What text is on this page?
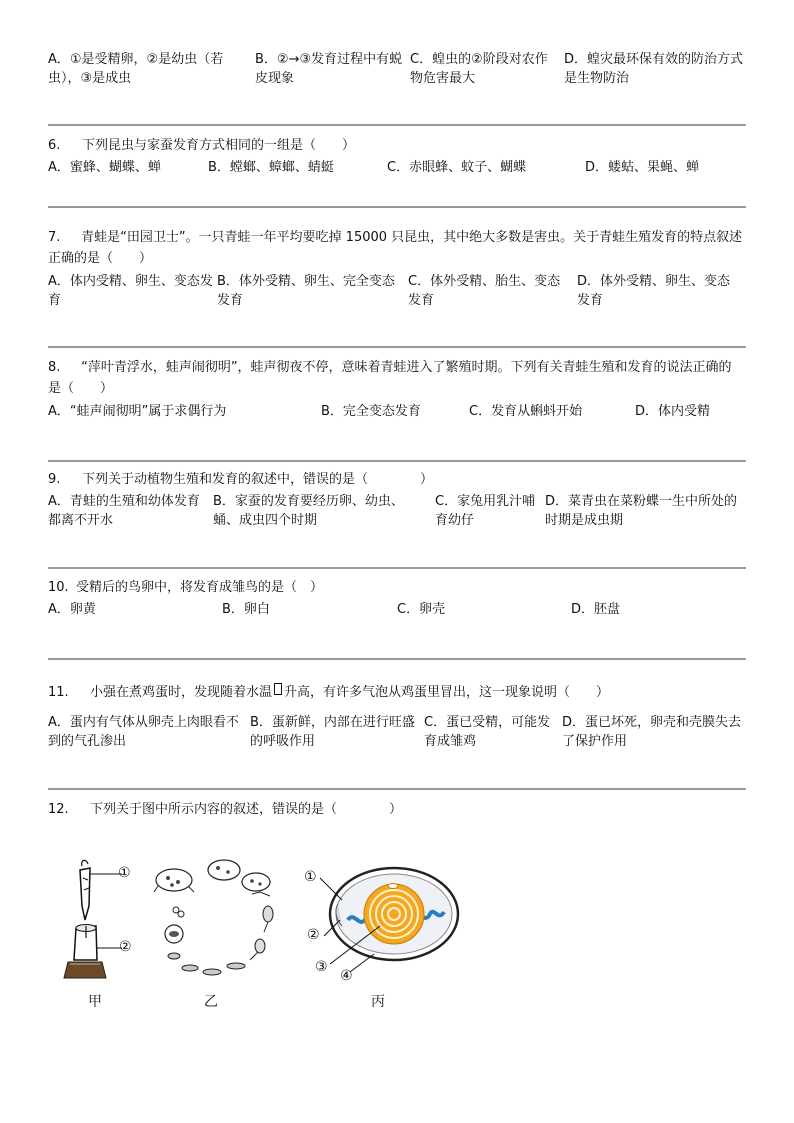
A．①是受精卵，②是幼虫（若虫），③是成虫
B．②→③发育过程中有蜕皮现象
C．蝗虫的②阶段对农作物危害最大
D．蝗灾最环保有效的防治方式是生物防治
6. 下列昆虫与家蚕发育方式相同的一组是（　　）
A．蜜蜂、蝴蝶、蝉	B．螳螂、蟑螂、蜻蜓	C．赤眼蜂、蚊子、蝴蝶	D．蝼蛄、果蝇、蝉
7. 青蛙是“田园卫士”。一只青蛙一年平均要吃掉 15000 只昆虫，其中绝大多数是害虫。关于青蛙生殖发育的特点叙述正确的是（　　）
A．体内受精、卵生、变态发育
B．体外受精、卵生、完全变态发育
C．体外受精、胎生、变态发育
D．体外受精、卵生、变态发育
8. “萍叶青浮水，蛙声闹彻明”，蛙声彻夜不停，意味着青蛙进入了繁殖时期。下列有关青蛙生殖和发育的说法正确的是（　　）
A．“蛙声闹彻明”属于求偶行为	B．完全变态发育	C．发育从蝌蚪开始	D．体内受精
9. 下列关于动植物生殖和发育的叙述中，错误的是（　　　　）
A．青蛙的生殖和幼体发育都离不开水
B．家蚕的发育要经历卵、幼虫、蛹、成虫四个时期
C．家兔用乳汁哺育幼仔
D．菜青虫在菜粉蝶一生中所处的时期是成虫期
10. 受精后的鸟卵中，将发育成雏鸟的是（　）
A．卵黄	B．卵白	C．卵壳	D．胚盘
11. 小强在煮鸡蛋时，发现随着水温 升高，有许多气泡从鸡蛋里冒出，这一现象说明（　　）
A．蛋内有气体从卵壳上肉眼看不到的气孔渗出
B．蛋新鲜，内部在进行旺盛的呼吸作用
C．蛋已受精，可能发育成雏鸡
D．蛋已坏死，卵壳和壳膜失去了保护作用
12. 下列关于图中所示内容的叙述，错误的是（　　　　）
①
②
甲	乙
①
②
③
④
丙
